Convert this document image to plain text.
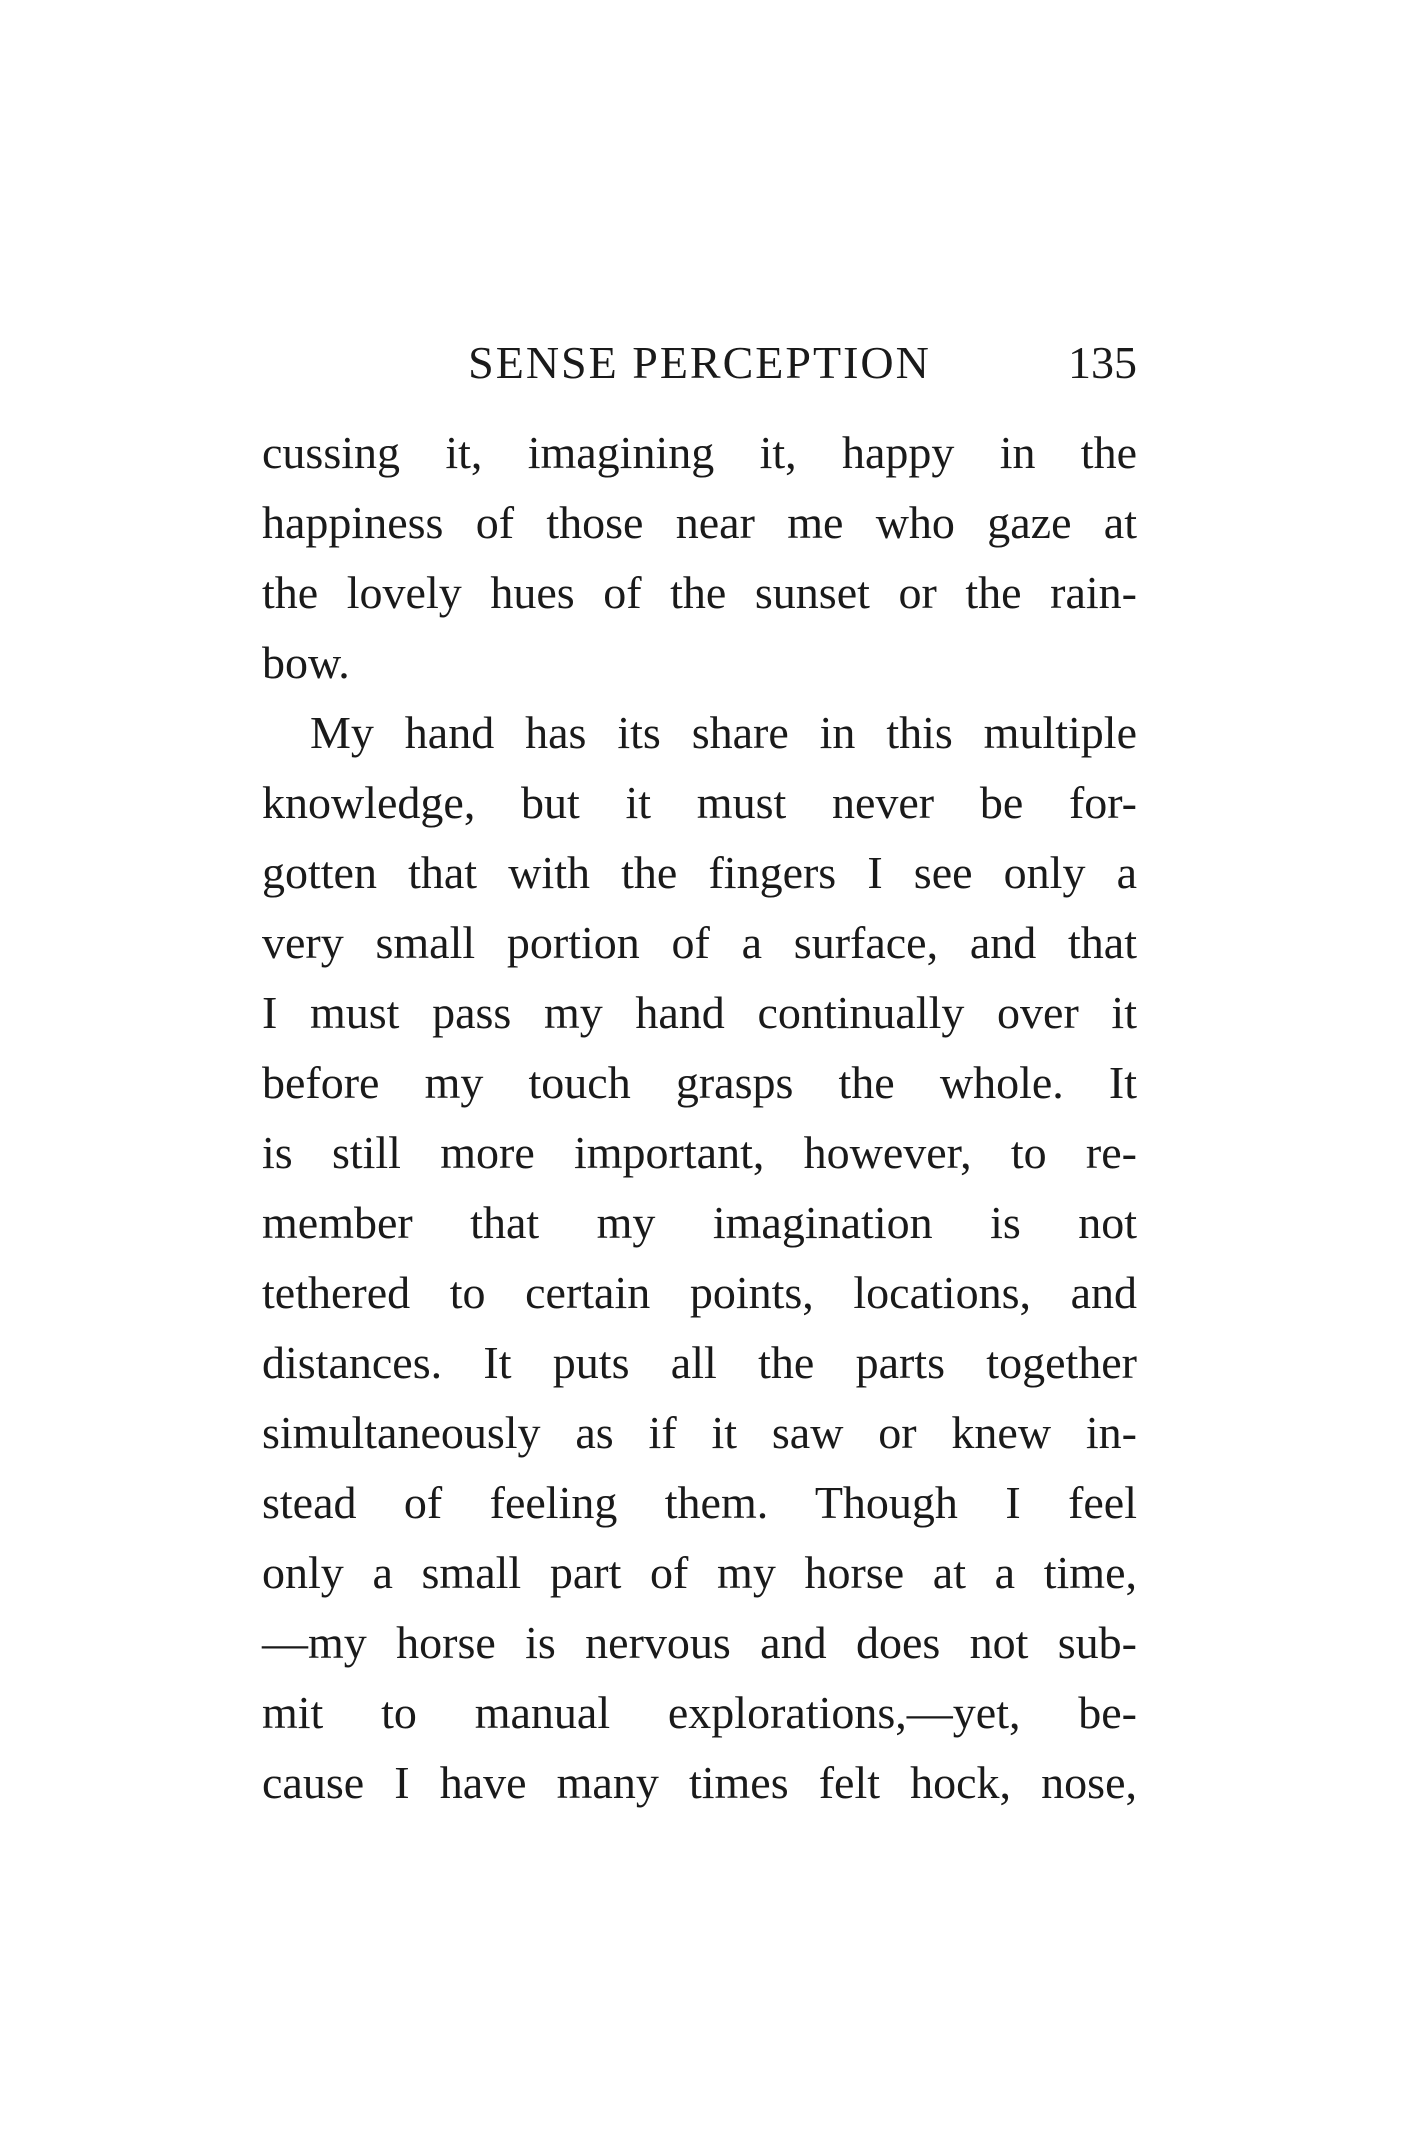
SENSE PERCEPTION	135
cussing it, imagining it, happy in the
happiness of those near me who gaze at
the lovely hues of the sunset or the rain-
bow.
My hand has its share in this multiple
knowledge, but it must never be for-
gotten that with the fingers I see only a
very small portion of a surface, and that
I must pass my hand continually over it
before my touch grasps the whole. It
is still more important, however, to re-
member that my imagination is not
tethered to certain points, locations, and
distances. It puts all the parts together
simultaneously as if it saw or knew in-
stead of feeling them. Though I feel
only a small part of my horse at a time,
—my horse is nervous and does not sub-
mit to manual explorations,—yet, be-
cause I have many times felt hock, nose,
